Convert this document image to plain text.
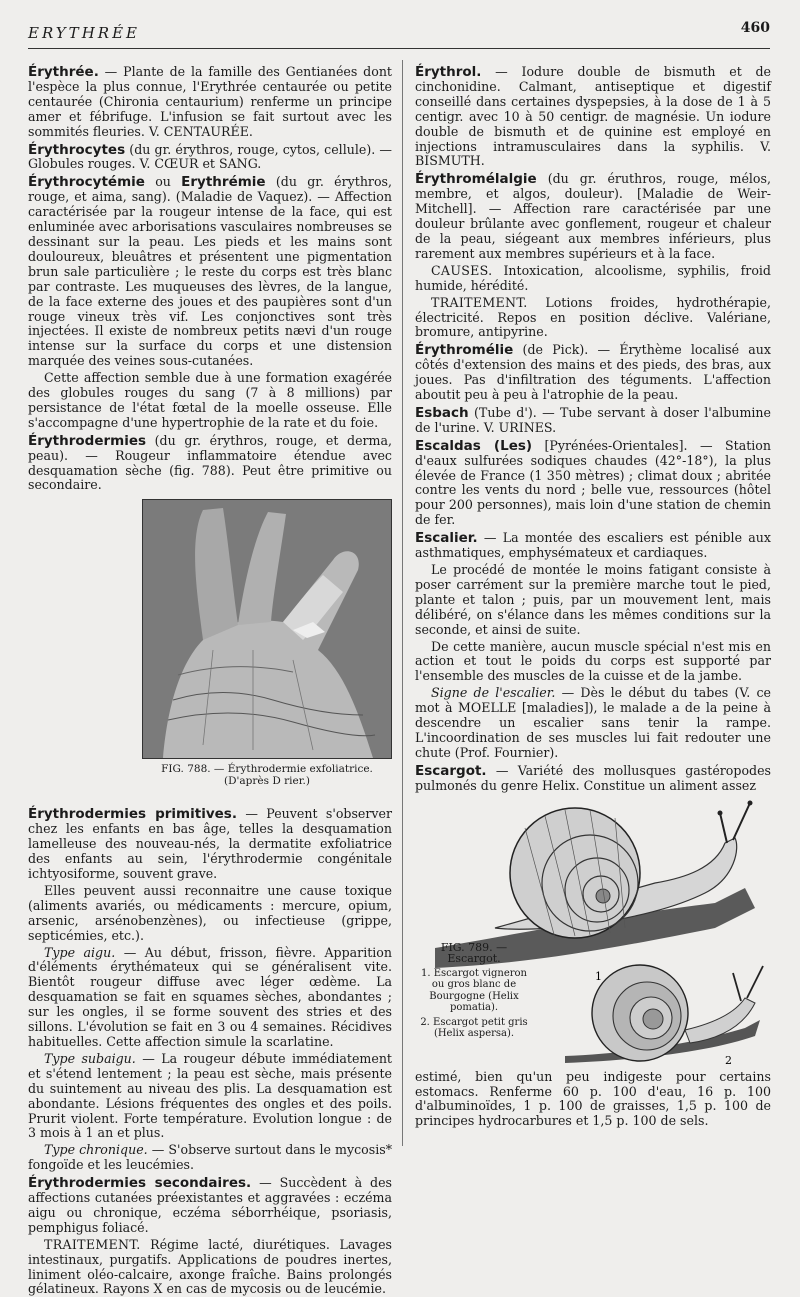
ERYTHRÉE	460

Érythrée. — Plante de la famille des Gentianées dont l'espèce la plus connue, l'Erythrée centaurée ou petite centaurée (Chironia centaurium) renferme un principe amer et fébrifuge. L'infusion se fait surtout avec les sommités fleuries. V. CENTAURÉE.

Érythrocytes (du gr. érythros, rouge, cytos, cellule). — Globules rouges. V. CŒUR et SANG.

Érythrocytémie ou Erythrémie (du gr. érythros, rouge, et aima, sang). (Maladie de Vaquez). — Affection caractérisée par la rougeur intense de la face, qui est enluminée avec arborisations vasculaires nombreuses se dessinant sur la peau. Les pieds et les mains sont douloureux, bleuâtres et présentent une pigmentation brun sale particulière ; le reste du corps est très blanc par contraste. Les muqueuses des lèvres, de la langue, de la face externe des joues et des paupières sont d'un rouge vineux très vif. Les conjonctives sont très injectées. Il existe de nombreux petits nævi d'un rouge intense sur la surface du corps et une distension marquée des veines sous-cutanées.

Cette affection semble due à une formation exagérée des globules rouges du sang (7 à 8 millions) par persistance de l'état fœtal de la moelle osseuse. Elle s'accompagne d'une hypertrophie de la rate et du foie.

Érythrodermies (du gr. érythros, rouge, et derma, peau). — Rougeur inflammatoire étendue avec desquamation sèche (fig. 788). Peut être primitive ou secondaire.

FIG. 788. — Érythrodermie exfoliatrice. (D'après D rier.)

Érythrodermies primitives. — Peuvent s'observer chez les enfants en bas âge, telles la desquamation lamelleuse des nouveau-nés, la dermatite exfoliatrice des enfants au sein, l'érythrodermie congénitale ichtyosiforme, souvent grave.

Elles peuvent aussi reconnaitre une cause toxique (aliments avariés, ou médicaments : mercure, opium, arsenic, arsénobenzènes), ou infectieuse (grippe, septicémies, etc.).

Type aigu. — Au début, frisson, fièvre. Apparition d'éléments érythémateux qui se généralisent vite. Bientôt rougeur diffuse avec léger œdème. La desquamation se fait en squames sèches, abondantes ; sur les ongles, il se forme souvent des stries et des sillons. L'évolution se fait en 3 ou 4 semaines. Récidives habituelles. Cette affection simule la scarlatine.

Type subaigu. — La rougeur débute immédiatement et s'étend lentement ; la peau est sèche, mais présente du suintement au niveau des plis. La desquamation est abondante. Lésions fréquentes des ongles et des poils. Prurit violent. Forte température. Evolution longue : de 3 mois à 1 an et plus.

Type chronique. — S'observe surtout dans le mycosis* fongoïde et les leucémies.

Érythrodermies secondaires. — Succèdent à des affections cutanées préexistantes et aggravées : eczéma aigu ou chronique, eczéma séborrhéique, psoriasis, pemphigus foliacé.

TRAITEMENT. Régime lacté, diurétiques. Lavages intestinaux, purgatifs. Applications de poudres inertes, liniment oléo-calcaire, axonge fraîche. Bains prolongés gélatineux. Rayons X en cas de mycosis ou de leucémie.

Érythrol. — Iodure double de bismuth et de cinchonidine. Calmant, antiseptique et digestif conseillé dans certaines dyspepsies, à la dose de 1 à 5 centigr. avec 10 à 50 centigr. de magnésie. Un iodure double de bismuth et de quinine est employé en injections intramusculaires dans la syphilis. V. BISMUTH.

Érythromélalgie (du gr. éruthros, rouge, mélos, membre, et algos, douleur). [Maladie de Weir-Mitchell]. — Affection rare caractérisée par une douleur brûlante avec gonflement, rougeur et chaleur de la peau, siégeant aux membres inférieurs, plus rarement aux membres supérieurs et à la face.

CAUSES. Intoxication, alcoolisme, syphilis, froid humide, hérédité.

TRAITEMENT. Lotions froides, hydrothérapie, électricité. Repos en position déclive. Valériane, bromure, antipyrine.

Érythromélie (de Pick). — Érythème localisé aux côtés d'extension des mains et des pieds, des bras, aux joues. Pas d'infiltration des téguments. L'affection aboutit peu à peu à l'atrophie de la peau.

Esbach (Tube d'). — Tube servant à doser l'albumine de l'urine. V. URINES.

Escaldas (Les) [Pyrénées-Orientales]. — Station d'eaux sulfurées sodiques chaudes (42°-18°), la plus élevée de France (1 350 mètres) ; climat doux ; abritée contre les vents du nord ; belle vue, ressources (hôtel pour 200 personnes), mais loin d'une station de chemin de fer.

Escalier. — La montée des escaliers est pénible aux asthmatiques, emphysémateux et cardiaques.

Le procédé de montée le moins fatigant consiste à poser carrément sur la première marche tout le pied, plante et talon ; puis, par un mouvement lent, mais délibéré, on s'élance dans les mêmes conditions sur la seconde, et ainsi de suite.

De cette manière, aucun muscle spécial n'est mis en action et tout le poids du corps est supporté par l'ensemble des muscles de la cuisse et de la jambe.

Signe de l'escalier. — Dès le début du tabes (V. ce mot à MOELLE [maladies]), le malade a de la peine à descendre un escalier sans tenir la rampe. L'incoordination de ses muscles lui fait redouter une chute (Prof. Fournier).

Escargot. — Variété des mollusques gastéropodes pulmonés du genre Helix. Constitue un aliment assez

1
2
FIG. 789. — Escargot.
1. Escargot vigneron ou gros blanc de Bourgogne (Helix pomatia).
2. Escargot petit gris (Helix aspersa).

estimé, bien qu'un peu indigeste pour certains estomacs. Renferme 60 p. 100 d'eau, 16 p. 100 d'albuminoïdes, 1 p. 100 de graisses, 1,5 p. 100 de principes hydrocarbures et 1,5 p. 100 de sels.
